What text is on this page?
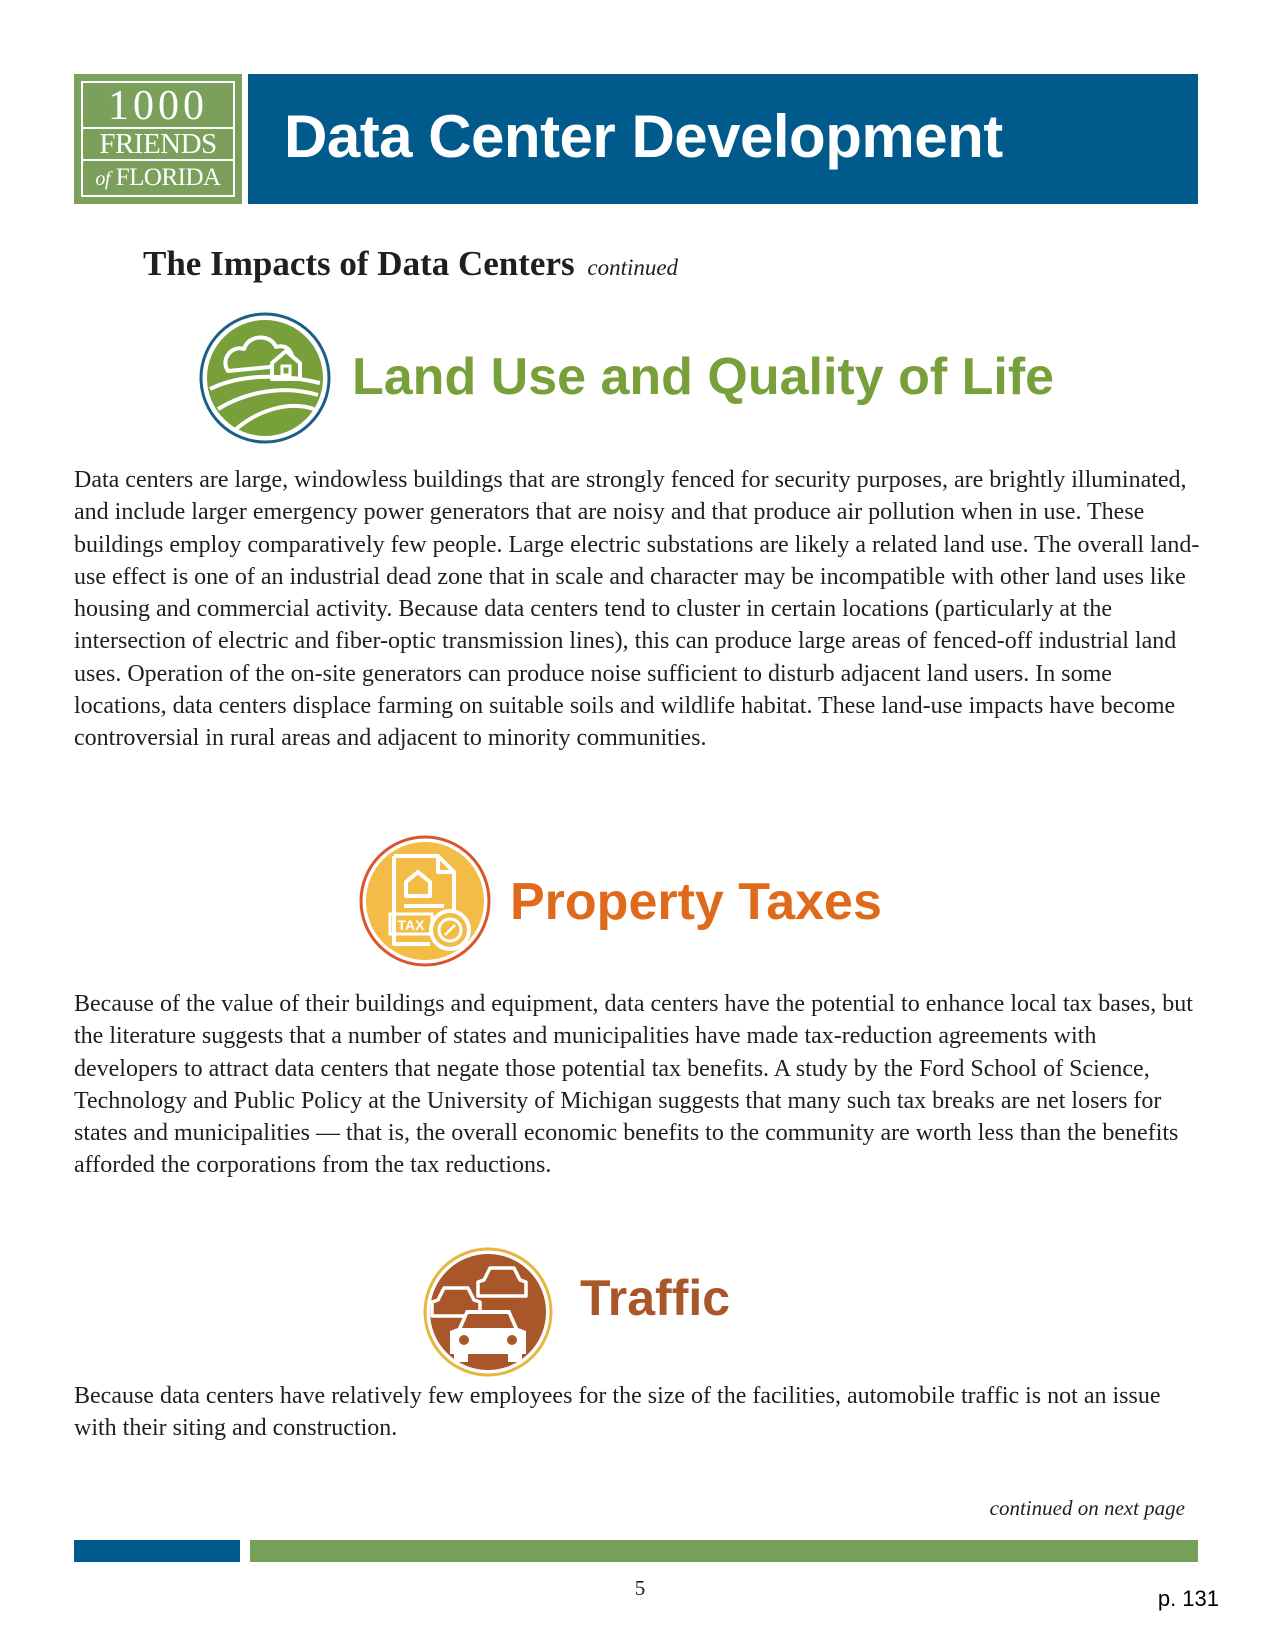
1000
FRIENDS
of FLORIDA
Data Center Development

The Impacts of Data Centers continued

Land Use and Quality of Life

Data centers are large, windowless buildings that are strongly fenced for security purposes, are brightly illuminated, and include larger emergency power generators that are noisy and that produce air pollution when in use. These buildings employ comparatively few people. Large electric substations are likely a related land use. The overall land-use effect is one of an industrial dead zone that in scale and character may be incompatible with other land uses like housing and commercial activity. Because data centers tend to cluster in certain locations (particularly at the intersection of electric and fiber-optic transmission lines), this can produce large areas of fenced-off industrial land uses. Operation of the on-site generators can produce noise sufficient to disturb adjacent land users. In some locations, data centers displace farming on suitable soils and wildlife habitat. These land-use impacts have become controversial in rural areas and adjacent to minority communities.

TAX Property Taxes

Because of the value of their buildings and equipment, data centers have the potential to enhance local tax bases, but the literature suggests that a number of states and municipalities have made tax-reduction agreements with developers to attract data centers that negate those potential tax benefits. A study by the Ford School of Science, Technology and Public Policy at the University of Michigan suggests that many such tax breaks are net losers for states and municipalities — that is, the overall economic benefits to the community are worth less than the benefits afforded the corporations from the tax reductions.

Traffic

Because data centers have relatively few employees for the size of the facilities, automobile traffic is not an issue with their siting and construction.

continued on next page

5	p. 131
